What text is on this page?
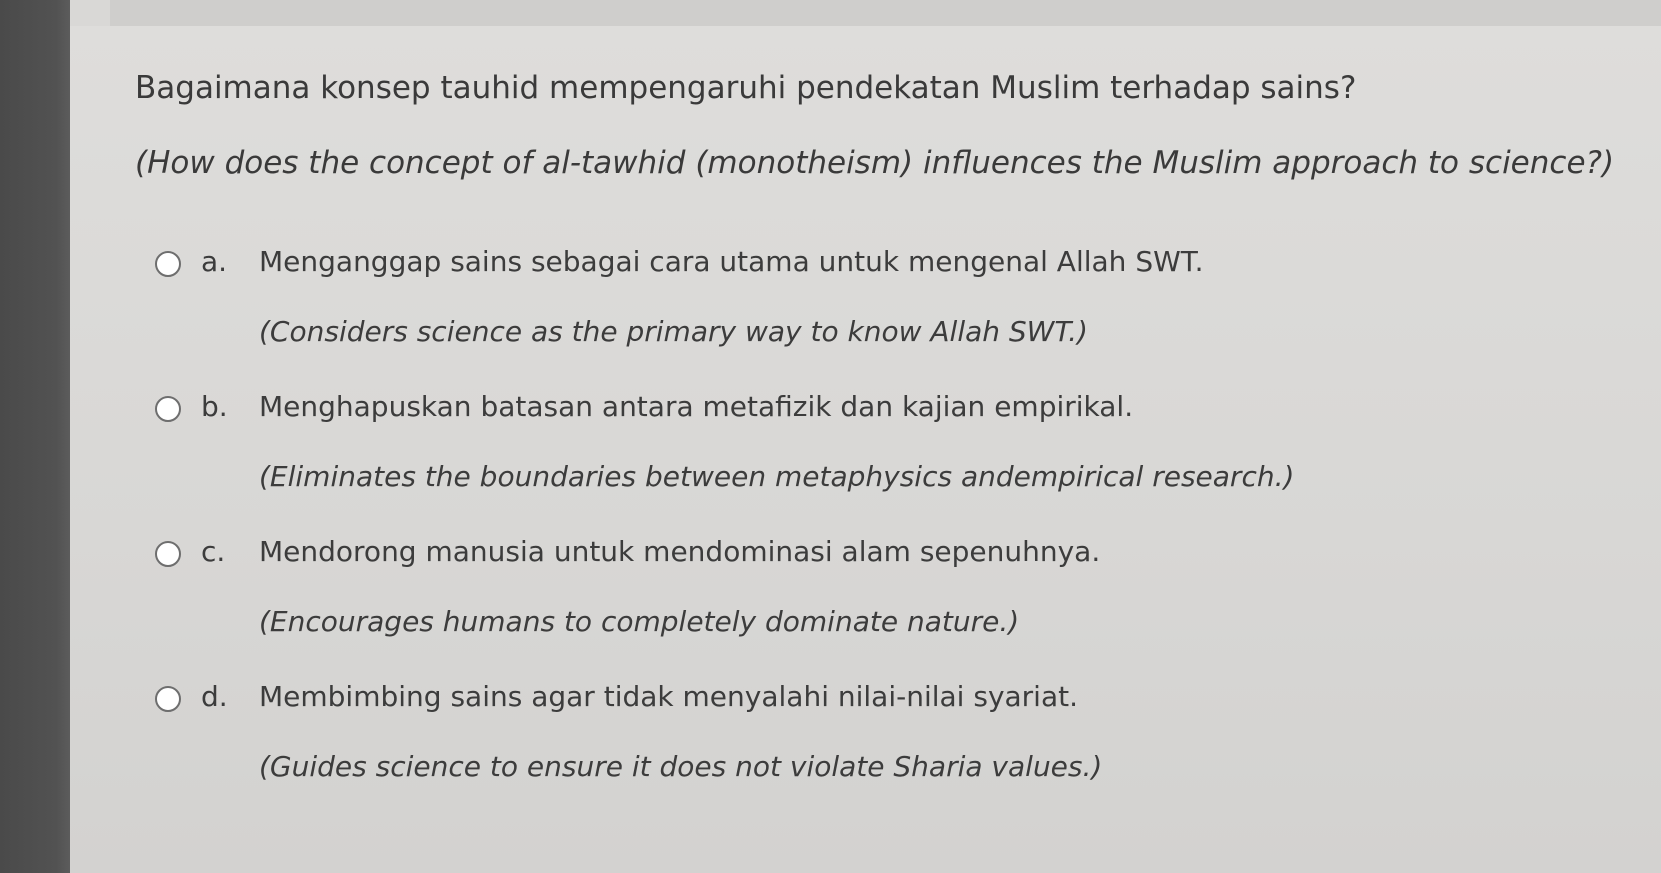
Bagaimana konsep tauhid mempengaruhi pendekatan Muslim terhadap sains?
(How does the concept of al-tawhid (monotheism) influences the Muslim approach to science?)
a. Menganggap sains sebagai cara utama untuk mengenal Allah SWT.
(Considers science as the primary way to know Allah SWT.)
b. Menghapuskan batasan antara metafizik dan kajian empirikal.
(Eliminates the boundaries between metaphysics andempirical research.)
c. Mendorong manusia untuk mendominasi alam sepenuhnya.
(Encourages humans to completely dominate nature.)
d. Membimbing sains agar tidak menyalahi nilai-nilai syariat.
(Guides science to ensure it does not violate Sharia values.)
